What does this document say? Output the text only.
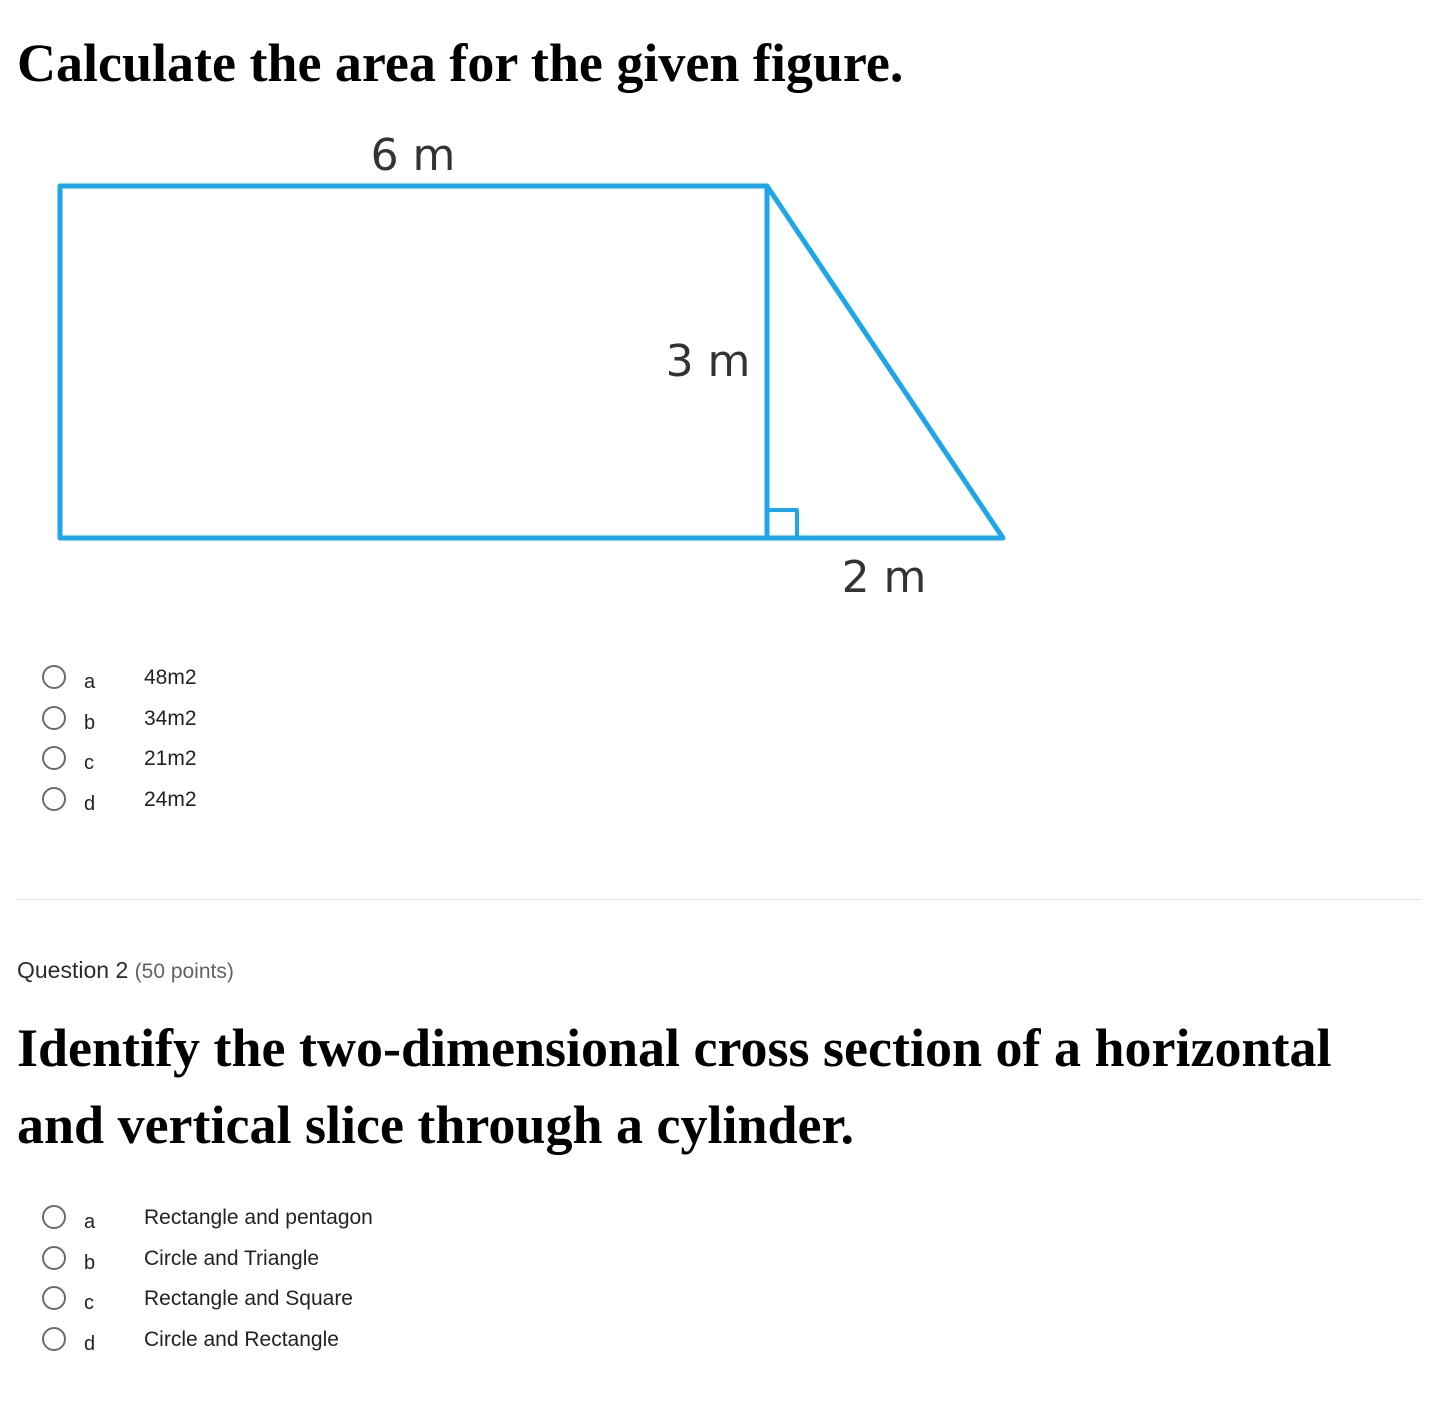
Calculate the area for the given figure.
6 m
3 m
2 m
a 48m2
b 34m2
c 21m2
d 24m2
Question 2 (50 points)
Identify the two-dimensional cross section of a horizontal and vertical slice through a cylinder.
a Rectangle and pentagon
b Circle and Triangle
c Rectangle and Square
d Circle and Rectangle
